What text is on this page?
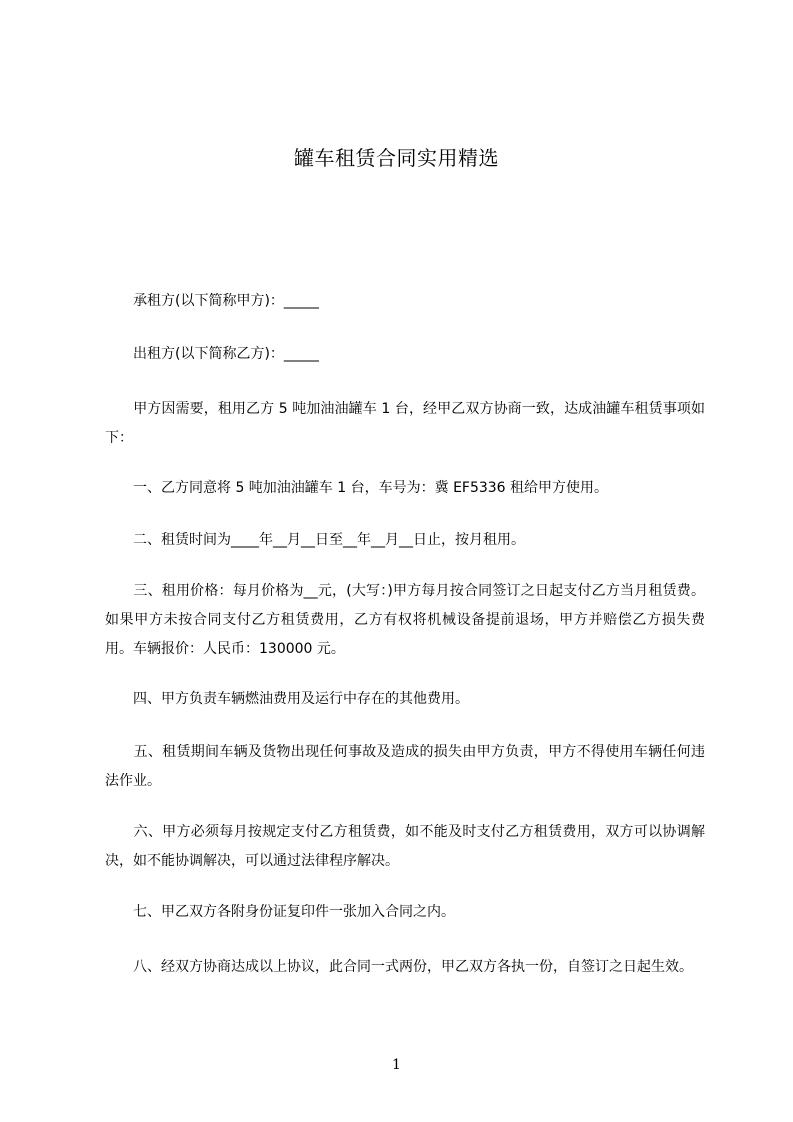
罐车租赁合同实用精选
　　承租方(以下简称甲方)：_____
　　出租方(以下简称乙方)：_____
　　甲方因需要，租用乙方 5 吨加油油罐车 1 台，经甲乙双方协商一致，达成油罐车租赁事项如下：
　　一、乙方同意将 5 吨加油油罐车 1 台，车号为：冀 EF5336 租给甲方使用。
　　二、租赁时间为____年__月__日至__年__月__日止，按月租用。
　　三、租用价格：每月价格为__元，(大写：)甲方每月按合同签订之日起支付乙方当月租赁费。如果甲方未按合同支付乙方租赁费用，乙方有权将机械设备提前退场，甲方并赔偿乙方损失费用。车辆报价：人民币：130000 元。
　　四、甲方负责车辆燃油费用及运行中存在的其他费用。
　　五、租赁期间车辆及货物出现任何事故及造成的损失由甲方负责，甲方不得使用车辆任何违法作业。
　　六、甲方必须每月按规定支付乙方租赁费，如不能及时支付乙方租赁费用，双方可以协调解决，如不能协调解决，可以通过法律程序解决。
　　七、甲乙双方各附身份证复印件一张加入合同之内。
　　八、经双方协商达成以上协议，此合同一式两份，甲乙双方各执一份，自签订之日起生效。
1
